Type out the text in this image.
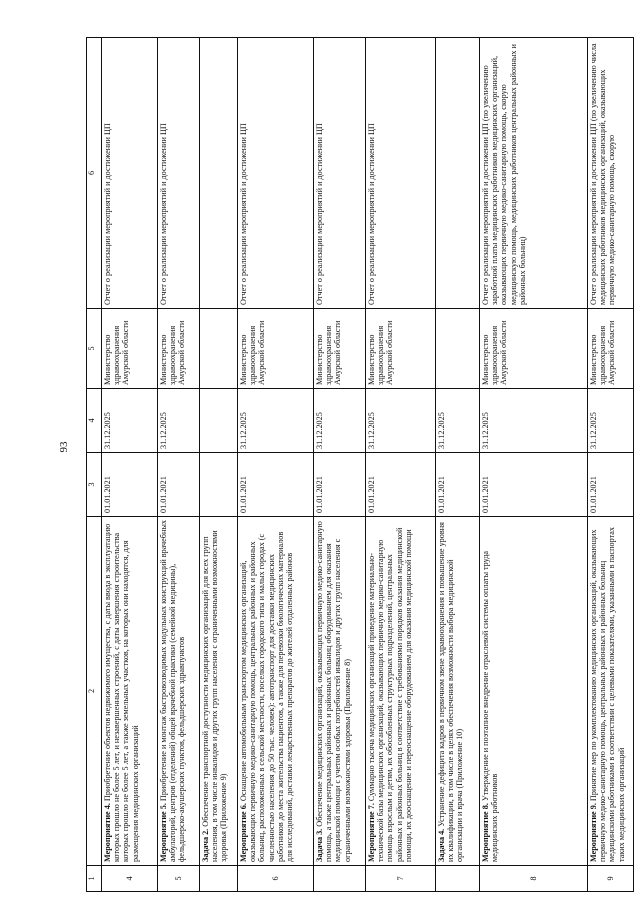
93
1	2	3	4	5	6
4	Мероприятие 4. Приобретение объектов недвижимого имущества, с даты ввода в эксплуатацию которых прошло не более 5 лет, и незавершенных строений, с даты завершения строительства которых прошло не более 5 лет, а также земельных участков, на которых они находятся, для размещения медицинских организаций	01.01.2021	31.12.2025	Министерство здравоохранения Амурской области	Отчет о реализации мероприятий и достижении ЦП
5	Мероприятие 5. Приобретение и монтаж быстровозводимых модульных конструкций врачебных амбулаторий, центров (отделений) общей врачебной практики (семейной медицины), фельдшерско-акушерских пунктов, фельдшерских здравпунктов	01.01.2021	31.12.2025	Министерство здравоохранения Амурской области	Отчет о реализации мероприятий и достижении ЦП
	Задача 2. Обеспечение транспортной доступности медицинских организаций для всех групп населения, в том числе инвалидов и других групп населения с ограниченными возможностями здоровья (Приложение 9)				
6	Мероприятие 6. Оснащение автомобильным транспортом медицинских организаций, оказывающих первичную медико-санитарную помощь, центральных районных и районных больниц, расположенных в сельской местности, поселках городского типа и малых городах (с численностью населения до 50 тыс. человек): автотранспорт для доставки медицинских работников до места жительства пациентов, а также для перевозки биологических материалов для исследований, доставки лекарственных препаратов до жителей отдаленных районов	01.01.2021	31.12.2025	Министерство здравоохранения Амурской области	Отчет о реализации мероприятий и достижении ЦП
	Задача 3. Обеспечение медицинских организаций, оказывающих первичную медико-санитарную помощь, а также центральных районных и районных больниц оборудованием для оказания медицинской помощи с учетом особых потребностей инвалидов и других групп населения с ограниченными возможностями здоровья (Приложение 8)	01.01.2021	31.12.2025	Министерство здравоохранения Амурской области	Отчет о реализации мероприятий и достижении ЦП
7	Мероприятие 7. Суммарно тысяча медицинских организаций приведение материально-технической базы медицинских организаций, оказывающих первичную медико-санитарную помощь взрослым и детям, их обособленных структурных подразделений, центральных районных и районных больниц в соответствие с требованиями порядков оказания медицинской помощи, их дооснащение и переоснащение оборудованием для оказания медицинской помощи	01.01.2021	31.12.2025	Министерство здравоохранения Амурской области	Отчет о реализации мероприятий и достижении ЦП
	Задача 4. Устранение дефицита кадров в первичном звене здравоохранения и повышение уровня их квалификации, в том числе в целях обеспечения возможности выбора медицинской организации и врача (Приложение 10)	01.01.2021	31.12.2025		
8	Мероприятие 8. Утверждение и поэтапное внедрение отраслевой системы оплаты труда медицинских работников	01.01.2021	31.12.2025	Министерство здравоохранения Амурской области	Отчет о реализации мероприятий и достижении ЦП (по увеличению заработной платы медицинских работников медицинских организаций, оказывающих первичную медико-санитарную помощь, скорую медицинскую помощь, медицинских работников центральных районных и районных больниц)
9	Мероприятие 9. Принятие мер по укомплектованию медицинских организаций, оказывающих первичную медико-санитарную помощь, центральных районных и районных больниц медицинскими работниками в соответствии с целевыми показателями, указанными в паспортах таких медицинских организаций	01.01.2021	31.12.2025	Министерство здравоохранения Амурской области	Отчет о реализации мероприятий и достижении ЦП (по увеличению числа медицинских работников медицинских организаций, оказывающих первичную медико-санитарную помощь, скорую
